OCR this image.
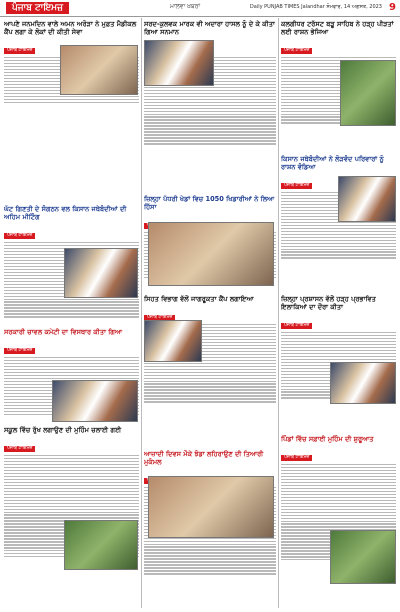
ਪੰਜਾਬ ਟਾਇਮਜ਼	ਮਾਲਵਾ ਖ਼ਬਰਾਂ	Daily PUNJAB TIMES Jalandhar ਸੋਮਵਾਰ, 14 ਅਗਸਤ, 2023 9
ਆਪਣੇ ਜਨਮਦਿਨ ਵਾਲੇ ਅਮਨ ਅਰੋੜਾ ਨੇ ਮੁਫ਼ਤ ਮੈਡੀਕਲ ਕੈਂਪ ਲਗਾ ਕੇ ਲੋਕਾਂ ਦੀ ਕੀਤੀ ਸੇਵਾ
ਪੰਜਾਬ ਟਾਇਮਜ਼
ਘੱਟ ਗਿਣਤੀ ਦੇ ਸੰਗਠਨ ਵਲ ਕਿਸਾਨ ਜਥੇਬੰਦੀਆਂ ਦੀ ਅਹਿਮ ਮੀਟਿੰਗ
ਪੰਜਾਬ ਟਾਇਮਜ਼
ਸਰਕਾਰੀ ਚਾਵਲ ਕਮੇਟੀ ਦਾ ਵਿਸਥਾਰ ਕੀਤਾ ਗਿਆ
ਪੰਜਾਬ ਟਾਇਮਜ਼
ਸਕੂਲ ਵਿੱਚ ਰੁੱਖ ਲਗਾਉਣ ਦੀ ਮੁਹਿੰਮ ਚਲਾਈ ਗਈ
ਪੰਜਾਬ ਟਾਇਮਜ਼
ਸਰਦ-ਕੁਲਵਕ ਮਾਰਕ ਵੀ ਅਦਾਰਾ ਹਾਸਲ ਨੂੰ ਦੇ ਕੇ ਕੀਤਾ ਗਿਆ ਸਨਮਾਨ
ਜ਼ਿਲ੍ਹਾ ਪੱਧਰੀ ਖੇਡਾਂ ਵਿਚ 1050 ਖਿਡਾਰੀਆਂ ਨੇ ਲਿਆ ਹਿੱਸਾ
ਸਿਹਤ ਵਿਭਾਗ ਵੱਲੋਂ ਜਾਗਰੂਕਤਾ ਕੈਂਪ ਲਗਾਇਆ
ਪੰਜਾਬ ਟਾਇਮਜ਼
ਆਜ਼ਾਦੀ ਦਿਵਸ ਮੌਕੇ ਝੰਡਾ ਲਹਿਰਾਉਣ ਦੀ ਤਿਆਰੀ ਮੁਕੰਮਲ
ਕਲਗੀਧਰ ਟਰੱਸਟ ਬੜੂ ਸਾਹਿਬ ਨੇ ਹੜ੍ਹ ਪੀੜਤਾਂ ਲਈ ਰਾਸ਼ਨ ਭੇਜਿਆ
ਪੰਜਾਬ ਟਾਇਮਜ਼
ਕਿਸਾਨ ਜਥੇਬੰਦੀਆਂ ਨੇ ਲੋੜਵੰਦ ਪਰਿਵਾਰਾਂ ਨੂੰ ਰਾਸ਼ਨ ਵੰਡਿਆ
ਪੰਜਾਬ ਟਾਇਮਜ਼
ਜ਼ਿਲ੍ਹਾ ਪ੍ਰਸ਼ਾਸਨ ਵੱਲੋਂ ਹੜ੍ਹ ਪ੍ਰਭਾਵਿਤ ਇਲਾਕਿਆਂ ਦਾ ਦੌਰਾ ਕੀਤਾ
ਪੰਜਾਬ ਟਾਇਮਜ਼
ਪਿੰਡਾਂ ਵਿੱਚ ਸਫ਼ਾਈ ਮੁਹਿੰਮ ਦੀ ਸ਼ੁਰੂਆਤ
ਪੰਜਾਬ ਟਾਇਮਜ਼
